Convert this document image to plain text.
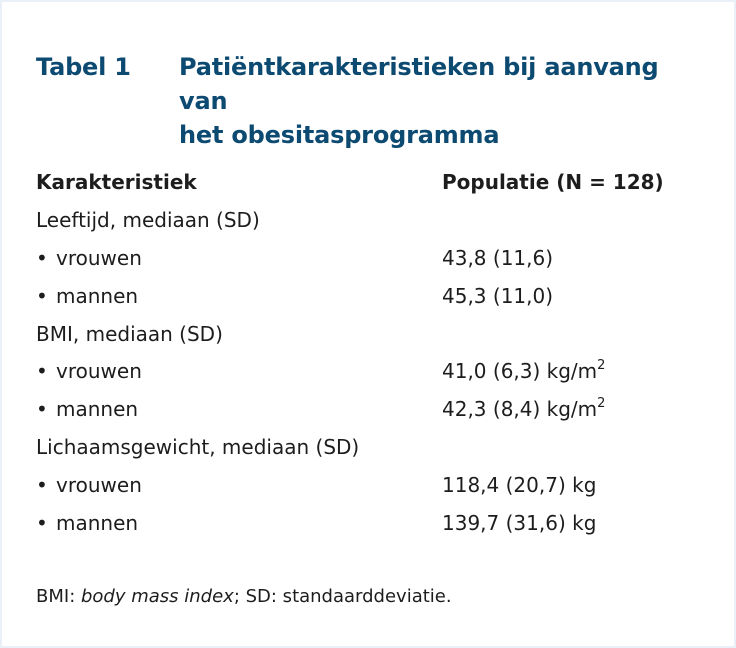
Tabel 1	Patiëntkarakteristieken bij aanvang van
het obesitasprogramma
Karakteristiek	Populatie (N = 128)
Leeftijd, mediaan (SD)	
• vrouwen	43,8 (11,6)
• mannen	45,3 (11,0)
BMI, mediaan (SD)	
• vrouwen	41,0 (6,3) $kg/m^2$
• mannen	42,3 (8,4) $kg/m^2$
Lichaamsgewicht, mediaan (SD)	
• vrouwen	118,4 (20,7) kg
• mannen	139,7 (31,6) kg
BMI: body mass index; SD: standaarddeviatie.
